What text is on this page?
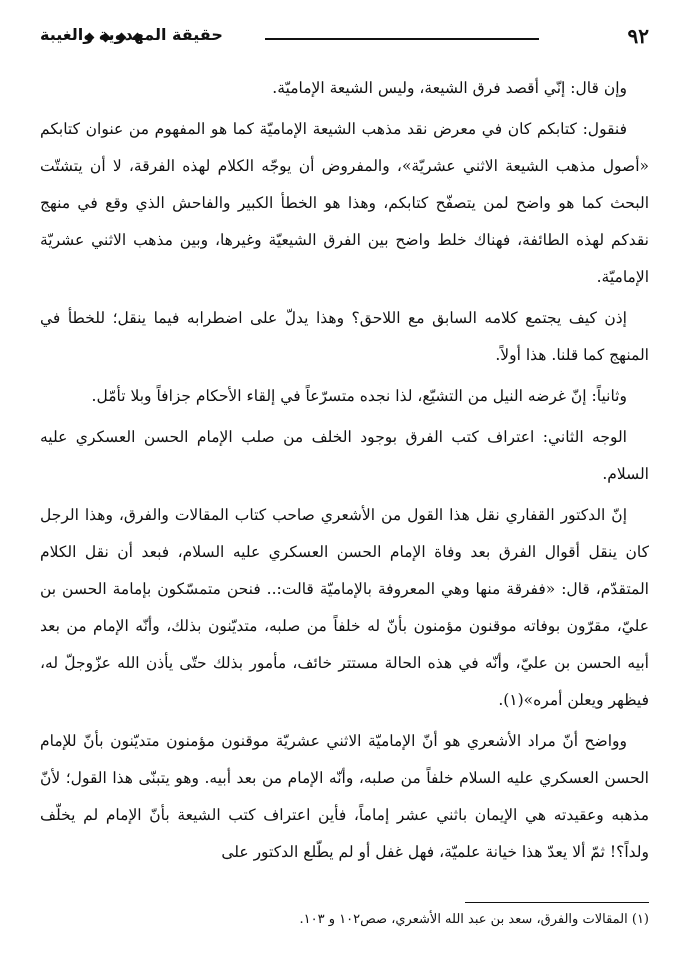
٩٢
حقيقة المهدوية والغيبة

وإن قال: إنّي أقصد فرق الشيعة، وليس الشيعة الإماميّة.

فنقول: كتابكم كان في معرض نقد مذهب الشيعة الإماميّة كما هو المفهوم من عنوان كتابكم «أصول مذهب الشيعة الاثني عشريّة»، والمفروض أن يوجّه الكلام لهذه الفرقة، لا أن يتشتّت البحث كما هو واضح لمن يتصفّح كتابكم، وهذا هو الخطأ الكبير والفاحش الذي وقع في منهج نقدكم لهذه الطائفة، فهناك خلط واضح بين الفرق الشيعيّة وغيرها، وبين مذهب الاثني عشريّة الإماميّة.

إذن كيف يجتمع كلامه السابق مع اللاحق؟ وهذا يدلّ على اضطرابه فيما ينقل؛ للخطأ في المنهج كما قلنا. هذا أولاً.

وثانياً: إنّ غرضه النيل من التشيّع، لذا نجده متسرّعاً في إلقاء الأحكام جزافاً وبلا تأمّل.

الوجه الثاني: اعتراف كتب الفرق بوجود الخلف من صلب الإمام الحسن العسكري عليه السلام.

إنّ الدكتور القفاري نقل هذا القول من الأشعري صاحب كتاب المقالات والفرق، وهذا الرجل كان ينقل أقوال الفرق بعد وفاة الإمام الحسن العسكري عليه السلام، فبعد أن نقل الكلام المتقدّم، قال: «ففرقة منها وهي المعروفة بالإماميّة قالت:.. فنحن متمسّكون بإمامة الحسن بن عليّ، مقرّون بوفاته موقنون مؤمنون بأنّ له خلفاً من صلبه، متديّنون بذلك، وأنّه الإمام من بعد أبيه الحسن بن عليّ، وأنّه في هذه الحالة مستتر خائف، مأمور بذلك حتّى يأذن الله عزّوجلّ له، فيظهر ويعلن أمره»(١).

وواضح أنّ مراد الأشعري هو أنّ الإماميّة الاثني عشريّة موقنون مؤمنون متديّنون بأنّ للإمام الحسن العسكري عليه السلام خلفاً من صلبه، وأنّه الإمام من بعد أبيه. وهو يتبنّى هذا القول؛ لأنّ مذهبه وعقيدته هي الإيمان باثني عشر إماماً، فأين اعتراف كتب الشيعة بأنّ الإمام لم يخلّف ولداً؟! ثمّ ألا يعدّ هذا خيانة علميّة، فهل غفل أو لم يطّلع الدكتور على

(١) المقالات والفرق، سعد بن عبد الله الأشعري، صص١٠٢ و ١٠٣.
